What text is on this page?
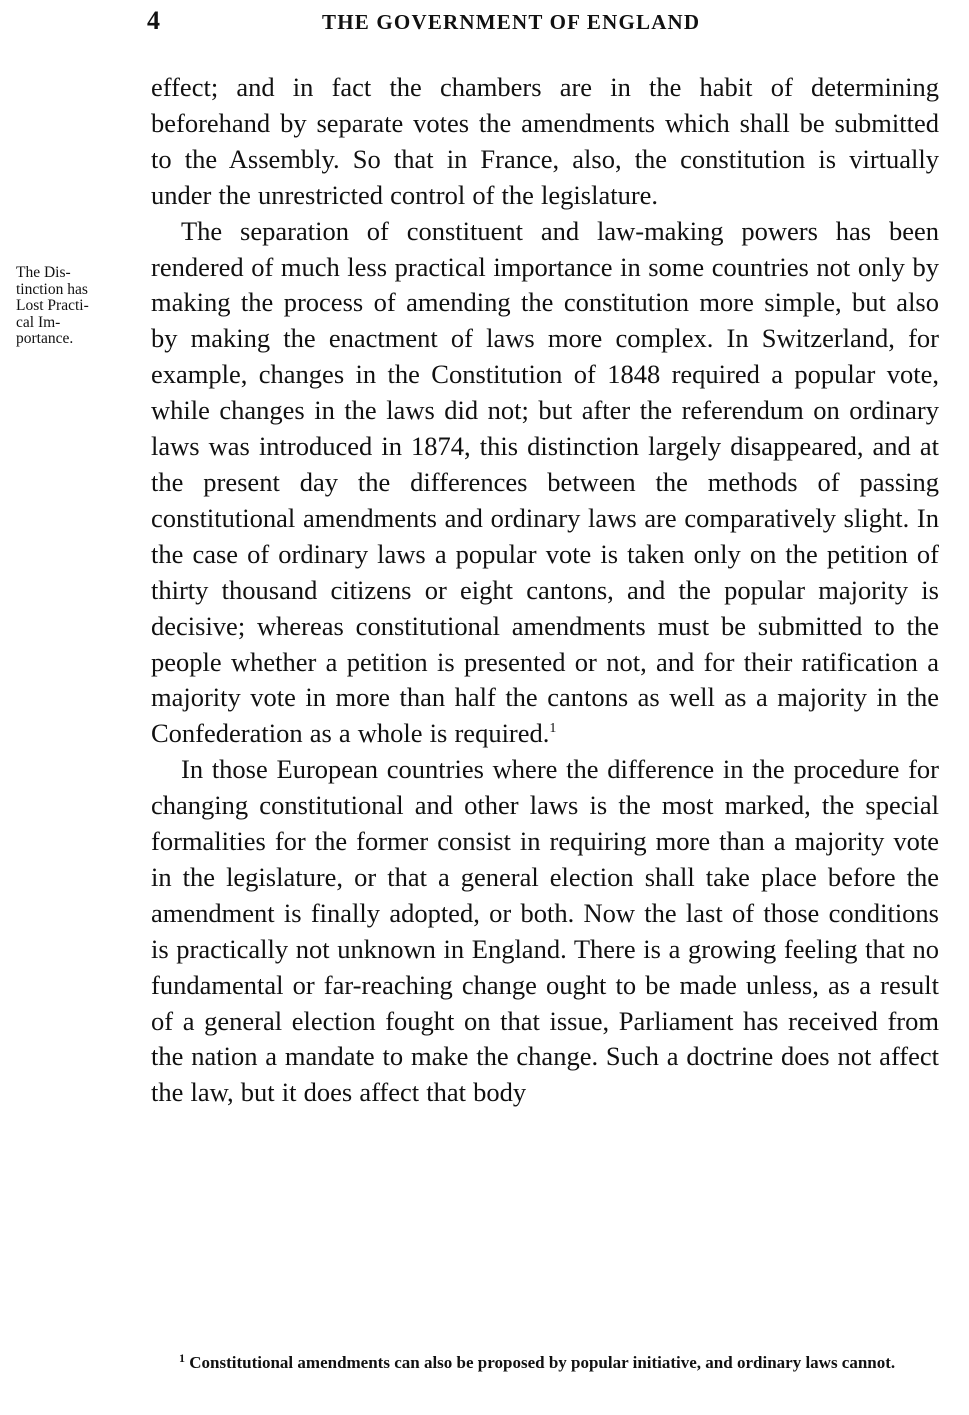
4	THE GOVERNMENT OF ENGLAND
The Dis-
tinction has
Lost Practi-
cal Im-
portance.

effect; and in fact the chambers are in the habit of determining beforehand by separate votes the amendments which shall be submitted to the Assembly. So that in France, also, the constitution is virtually under the unrestricted control of the legislature.

The separation of constituent and law-making powers has been rendered of much less practical importance in some countries not only by making the process of amending the constitution more simple, but also by making the enactment of laws more complex. In Switzerland, for example, changes in the Constitution of 1848 required a popular vote, while changes in the laws did not; but after the referendum on ordinary laws was introduced in 1874, this distinction largely disappeared, and at the present day the differences between the methods of passing constitutional amendments and ordinary laws are comparatively slight. In the case of ordinary laws a popular vote is taken only on the petition of thirty thousand citizens or eight cantons, and the popular majority is decisive; whereas constitutional amendments must be submitted to the people whether a petition is presented or not, and for their ratification a majority vote in more than half the cantons as well as a majority in the Confederation as a whole is required.$^1$

In those European countries where the difference in the procedure for changing constitutional and other laws is the most marked, the special formalities for the former consist in requiring more than a majority vote in the legislature, or that a general election shall take place before the amendment is finally adopted, or both. Now the last of those conditions is practically not unknown in England. There is a growing feeling that no fundamental or far-reaching change ought to be made unless, as a result of a general election fought on that issue, Parliament has received from the nation a mandate to make the change. Such a doctrine does not affect the law, but it does affect that body

$^1$ Constitutional amendments can also be proposed by popular initiative, and ordinary laws cannot.
